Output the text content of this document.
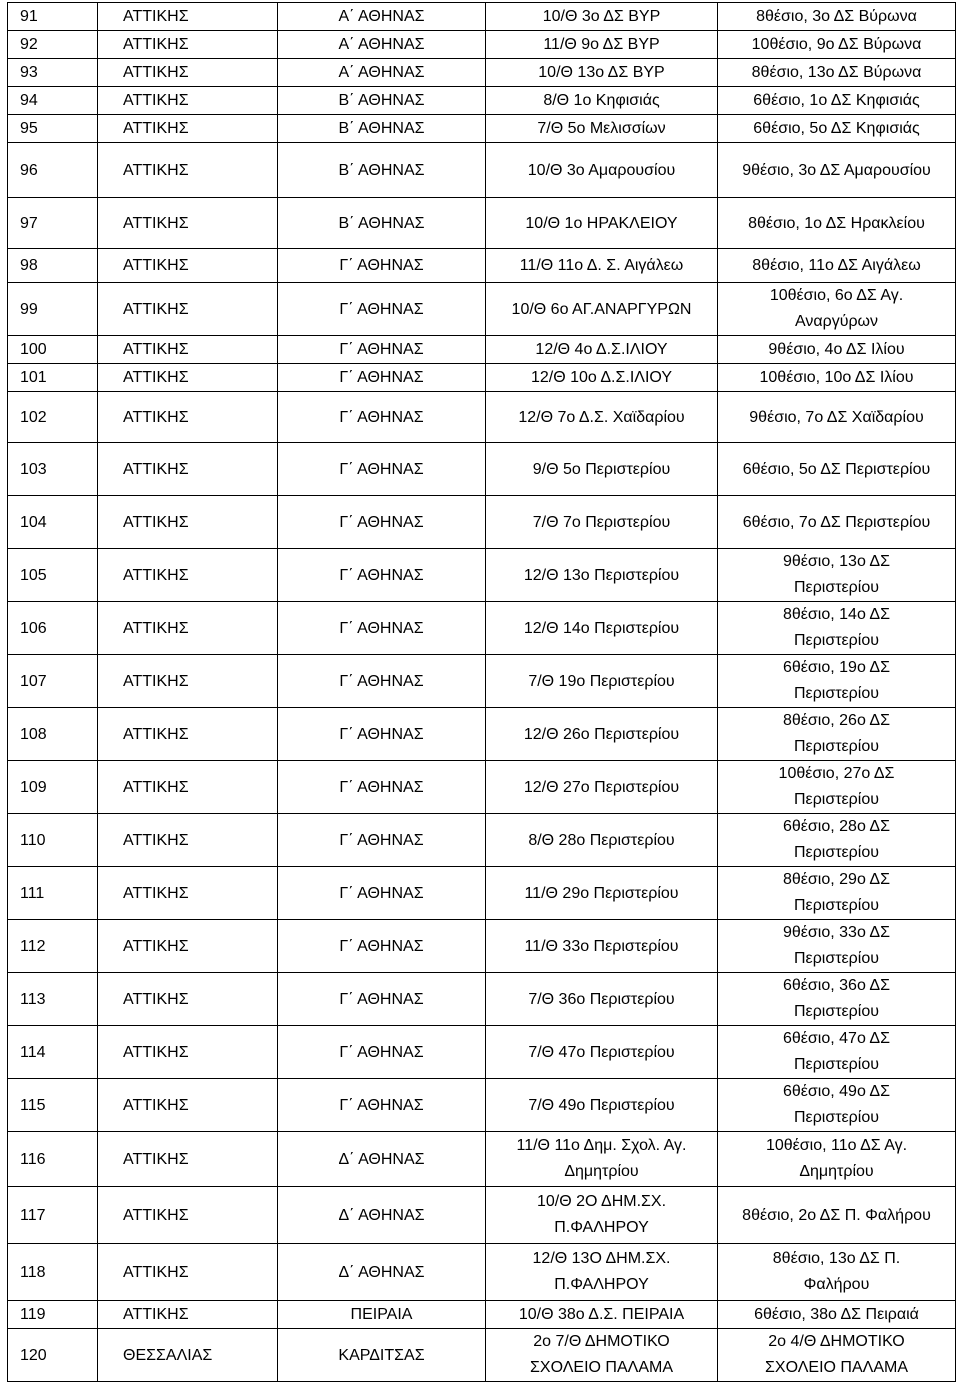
91	ΑΤΤΙΚΗΣ	Α΄ ΑΘΗΝΑΣ	10/Θ 3ο ΔΣ ΒΥΡ	8θέσιο, 3ο ΔΣ Βύρωνα

92	ΑΤΤΙΚΗΣ	Α΄ ΑΘΗΝΑΣ	11/Θ 9ο ΔΣ ΒΥΡ	10θέσιο, 9ο ΔΣ Βύρωνα

93	ΑΤΤΙΚΗΣ	Α΄ ΑΘΗΝΑΣ	10/Θ 13ο ΔΣ ΒΥΡ	8θέσιο, 13ο ΔΣ Βύρωνα

94	ΑΤΤΙΚΗΣ	Β΄ ΑΘΗΝΑΣ	8/Θ 1ο Κηφισιάς	6θέσιο, 1ο ΔΣ Κηφισιάς

95	ΑΤΤΙΚΗΣ	Β΄ ΑΘΗΝΑΣ	7/Θ 5ο Μελισσίων	6θέσιο, 5ο ΔΣ Κηφισιάς

96	ΑΤΤΙΚΗΣ	Β΄ ΑΘΗΝΑΣ	10/Θ 3ο Αμαρουσίου	9θέσιο, 3ο ΔΣ Αμαρουσίου

97	ΑΤΤΙΚΗΣ	Β΄ ΑΘΗΝΑΣ	10/Θ 1ο ΗΡΑΚΛΕΙΟΥ	8θέσιο, 1ο ΔΣ Ηρακλείου

98	ΑΤΤΙΚΗΣ	Γ΄ ΑΘΗΝΑΣ	11/Θ 11ο Δ. Σ. Αιγάλεω	8θέσιο, 11ο ΔΣ Αιγάλεω

99	ΑΤΤΙΚΗΣ	Γ΄ ΑΘΗΝΑΣ	10/Θ 6ο ΑΓ.ΑΝΑΡΓΥΡΩΝ	10θέσιο, 6ο ΔΣ Αγ.
Αναργύρων

100	ΑΤΤΙΚΗΣ	Γ΄ ΑΘΗΝΑΣ	12/Θ 4ο Δ.Σ.ΙΛΙΟΥ	9θέσιο, 4ο ΔΣ Ιλίου

101	ΑΤΤΙΚΗΣ	Γ΄ ΑΘΗΝΑΣ	12/Θ 10ο Δ.Σ.ΙΛΙΟΥ	10θέσιο, 10ο ΔΣ Ιλίου

102	ΑΤΤΙΚΗΣ	Γ΄ ΑΘΗΝΑΣ	12/Θ 7ο Δ.Σ. Χαϊδαρίου	9θέσιο, 7ο ΔΣ Χαϊδαρίου

103	ΑΤΤΙΚΗΣ	Γ΄ ΑΘΗΝΑΣ	9/Θ 5ο Περιστερίου	6θέσιο, 5ο ΔΣ Περιστερίου

104	ΑΤΤΙΚΗΣ	Γ΄ ΑΘΗΝΑΣ	7/Θ 7ο Περιστερίου	6θέσιο, 7ο ΔΣ Περιστερίου

105	ΑΤΤΙΚΗΣ	Γ΄ ΑΘΗΝΑΣ	12/Θ 13ο Περιστερίου	9θέσιο, 13ο ΔΣ
Περιστερίου

106	ΑΤΤΙΚΗΣ	Γ΄ ΑΘΗΝΑΣ	12/Θ 14ο Περιστερίου	8θέσιο, 14ο ΔΣ
Περιστερίου

107	ΑΤΤΙΚΗΣ	Γ΄ ΑΘΗΝΑΣ	7/Θ 19ο Περιστερίου	6θέσιο, 19ο ΔΣ
Περιστερίου

108	ΑΤΤΙΚΗΣ	Γ΄ ΑΘΗΝΑΣ	12/Θ 26ο Περιστερίου	8θέσιο, 26ο ΔΣ
Περιστερίου

109	ΑΤΤΙΚΗΣ	Γ΄ ΑΘΗΝΑΣ	12/Θ 27ο Περιστερίου	10θέσιο, 27ο ΔΣ
Περιστερίου

110	ΑΤΤΙΚΗΣ	Γ΄ ΑΘΗΝΑΣ	8/Θ 28ο Περιστερίου	6θέσιο, 28ο ΔΣ
Περιστερίου

111	ΑΤΤΙΚΗΣ	Γ΄ ΑΘΗΝΑΣ	11/Θ 29ο Περιστερίου	8θέσιο, 29ο ΔΣ
Περιστερίου

112	ΑΤΤΙΚΗΣ	Γ΄ ΑΘΗΝΑΣ	11/Θ 33ο Περιστερίου	9θέσιο, 33ο ΔΣ
Περιστερίου

113	ΑΤΤΙΚΗΣ	Γ΄ ΑΘΗΝΑΣ	7/Θ 36ο Περιστερίου	6θέσιο, 36ο ΔΣ
Περιστερίου

114	ΑΤΤΙΚΗΣ	Γ΄ ΑΘΗΝΑΣ	7/Θ 47ο Περιστερίου	6θέσιο, 47ο ΔΣ
Περιστερίου

115	ΑΤΤΙΚΗΣ	Γ΄ ΑΘΗΝΑΣ	7/Θ 49ο Περιστερίου	6θέσιο, 49ο ΔΣ
Περιστερίου

116	ΑΤΤΙΚΗΣ	Δ΄ ΑΘΗΝΑΣ	11/Θ 11ο Δημ. Σχολ. Αγ.
Δημητρίου	10θέσιο, 11ο ΔΣ Αγ.
Δημητρίου

117	ΑΤΤΙΚΗΣ	Δ΄ ΑΘΗΝΑΣ	10/Θ 2Ο ΔΗΜ.ΣΧ.
Π.ΦΑΛΗΡΟΥ	8θέσιο, 2ο ΔΣ Π. Φαλήρου

118	ΑΤΤΙΚΗΣ	Δ΄ ΑΘΗΝΑΣ	12/Θ 13Ο ΔΗΜ.ΣΧ.
Π.ΦΑΛΗΡΟΥ	8θέσιο, 13ο ΔΣ Π.
Φαλήρου

119	ΑΤΤΙΚΗΣ	ΠΕΙΡΑΙΑ	10/Θ 38ο Δ.Σ. ΠΕΙΡΑΙΑ	6θέσιο, 38ο ΔΣ Πειραιά

120	ΘΕΣΣΑΛΙΑΣ	ΚΑΡΔΙΤΣΑΣ	2ο 7/Θ ΔΗΜΟΤΙΚΟ
ΣΧΟΛΕΙΟ ΠΑΛΑΜΑ	2ο 4/Θ ΔΗΜΟΤΙΚΟ
ΣΧΟΛΕΙΟ ΠΑΛΑΜΑ
